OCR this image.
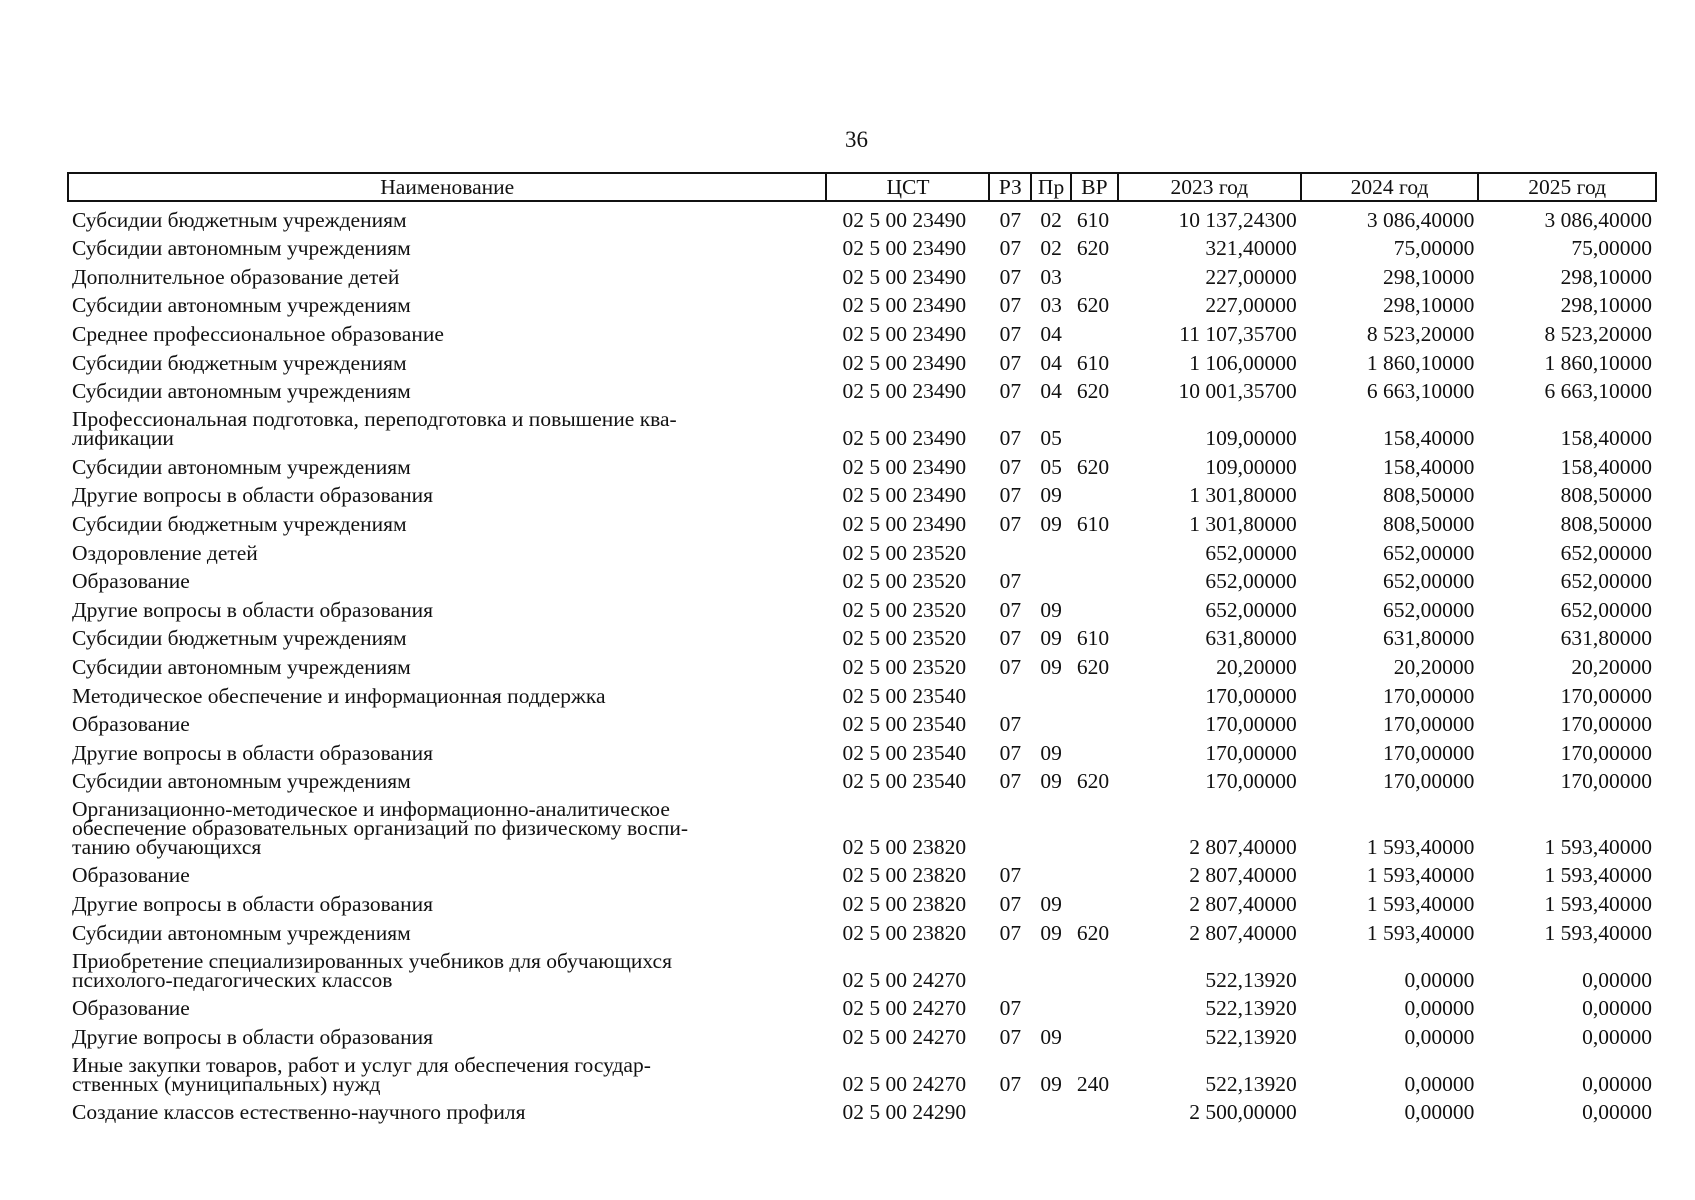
36
Наименование	ЦСТ	РЗ	Пр	ВР	2023 год	2024 год	2025 год
Субсидии бюджетным учреждениям	02 5 00 23490	07	02	610	10 137,24300	3 086,40000	3 086,40000
Субсидии автономным учреждениям	02 5 00 23490	07	02	620	321,40000	75,00000	75,00000
Дополнительное образование детей	02 5 00 23490	07	03		227,00000	298,10000	298,10000
Субсидии автономным учреждениям	02 5 00 23490	07	03	620	227,00000	298,10000	298,10000
Среднее профессиональное образование	02 5 00 23490	07	04		11 107,35700	8 523,20000	8 523,20000
Субсидии бюджетным учреждениям	02 5 00 23490	07	04	610	1 106,00000	1 860,10000	1 860,10000
Субсидии автономным учреждениям	02 5 00 23490	07	04	620	10 001,35700	6 663,10000	6 663,10000

Профессиональная подготовка, переподготовка и повышение ква-
лификации	02 5 00 23490	07	05		109,00000	158,40000	158,40000
Субсидии автономным учреждениям	02 5 00 23490	07	05	620	109,00000	158,40000	158,40000
Другие вопросы в области образования	02 5 00 23490	07	09		1 301,80000	808,50000	808,50000
Субсидии бюджетным учреждениям	02 5 00 23490	07	09	610	1 301,80000	808,50000	808,50000
Оздоровление детей	02 5 00 23520				652,00000	652,00000	652,00000
Образование	02 5 00 23520	07			652,00000	652,00000	652,00000
Другие вопросы в области образования	02 5 00 23520	07	09		652,00000	652,00000	652,00000
Субсидии бюджетным учреждениям	02 5 00 23520	07	09	610	631,80000	631,80000	631,80000
Субсидии автономным учреждениям	02 5 00 23520	07	09	620	20,20000	20,20000	20,20000
Методическое обеспечение и информационная поддержка	02 5 00 23540				170,00000	170,00000	170,00000
Образование	02 5 00 23540	07			170,00000	170,00000	170,00000
Другие вопросы в области образования	02 5 00 23540	07	09		170,00000	170,00000	170,00000
Субсидии автономным учреждениям	02 5 00 23540	07	09	620	170,00000	170,00000	170,00000

Организационно-методическое и информационно-аналитическое
обеспечение образовательных организаций по физическому воспи-
танию обучающихся	02 5 00 23820				2 807,40000	1 593,40000	1 593,40000
Образование	02 5 00 23820	07			2 807,40000	1 593,40000	1 593,40000
Другие вопросы в области образования	02 5 00 23820	07	09		2 807,40000	1 593,40000	1 593,40000
Субсидии автономным учреждениям	02 5 00 23820	07	09	620	2 807,40000	1 593,40000	1 593,40000

Приобретение специализированных учебников для обучающихся
психолого-педагогических классов	02 5 00 24270				522,13920	0,00000	0,00000
Образование	02 5 00 24270	07			522,13920	0,00000	0,00000
Другие вопросы в области образования	02 5 00 24270	07	09		522,13920	0,00000	0,00000

Иные закупки товаров, работ и услуг для обеспечения государ-
ственных (муниципальных) нужд	02 5 00 24270	07	09	240	522,13920	0,00000	0,00000
Создание классов естественно-научного профиля	02 5 00 24290				2 500,00000	0,00000	0,00000
